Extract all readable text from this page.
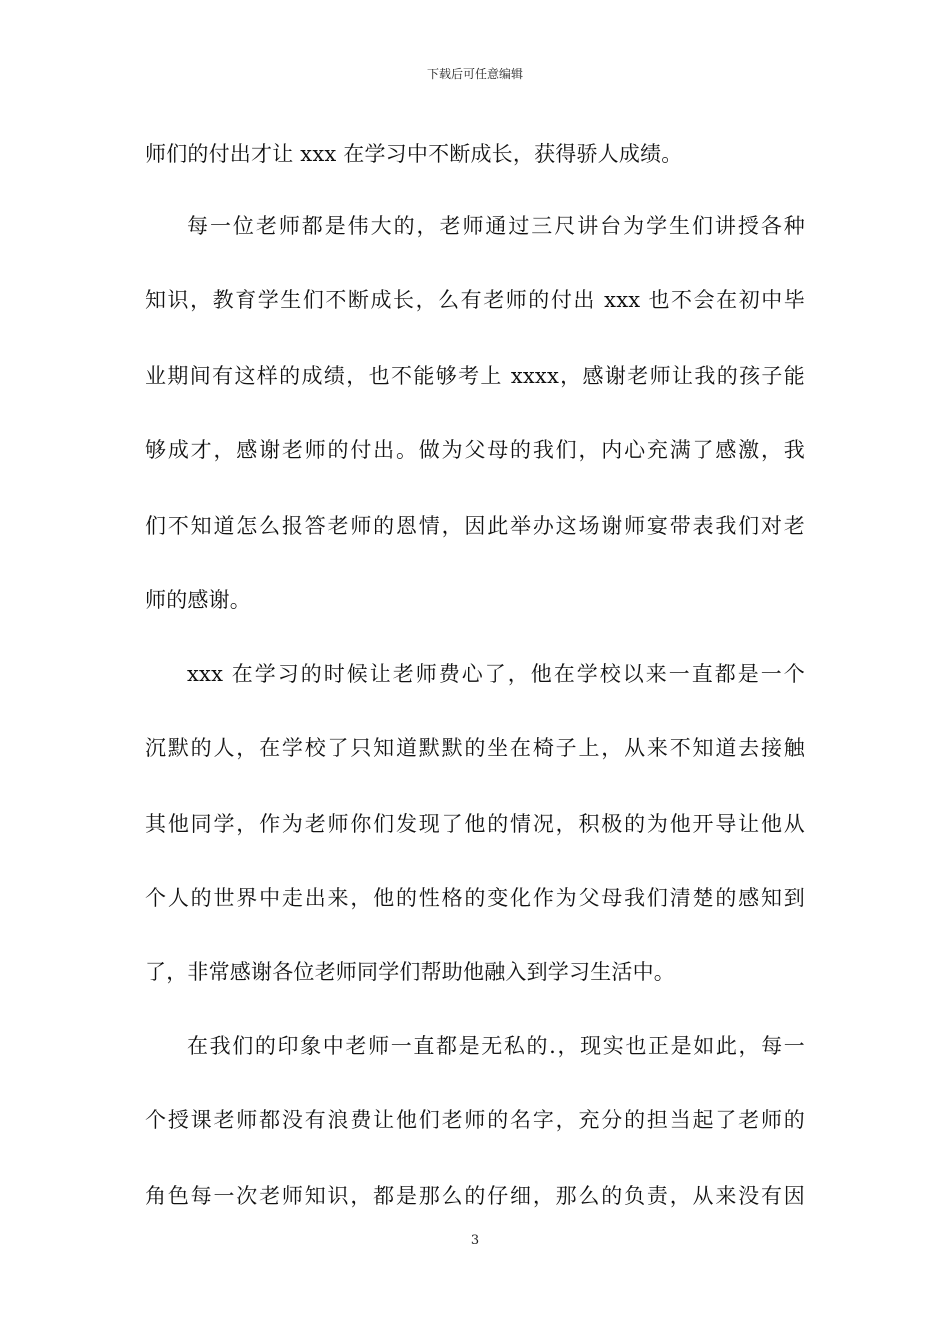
下载后可任意编辑
师们的付出才让 xxx 在学习中不断成长，获得骄人成绩。
每一位老师都是伟大的，老师通过三尺讲台为学生们讲授各种
知识，教育学生们不断成长，么有老师的付出 xxx 也不会在初中毕
业期间有这样的成绩，也不能够考上 xxxx，感谢老师让我的孩子能
够成才，感谢老师的付出。做为父母的我们，内心充满了感激，我
们不知道怎么报答老师的恩情，因此举办这场谢师宴带表我们对老
师的感谢。
xxx 在学习的时候让老师费心了，他在学校以来一直都是一个
沉默的人，在学校了只知道默默的坐在椅子上，从来不知道去接触
其他同学，作为老师你们发现了他的情况，积极的为他开导让他从
个人的世界中走出来，他的性格的变化作为父母我们清楚的感知到
了，非常感谢各位老师同学们帮助他融入到学习生活中。
在我们的印象中老师一直都是无私的.，现实也正是如此，每一
个授课老师都没有浪费让他们老师的名字，充分的担当起了老师的
角色每一次老师知识，都是那么的仔细，那么的负责，从来没有因
3
